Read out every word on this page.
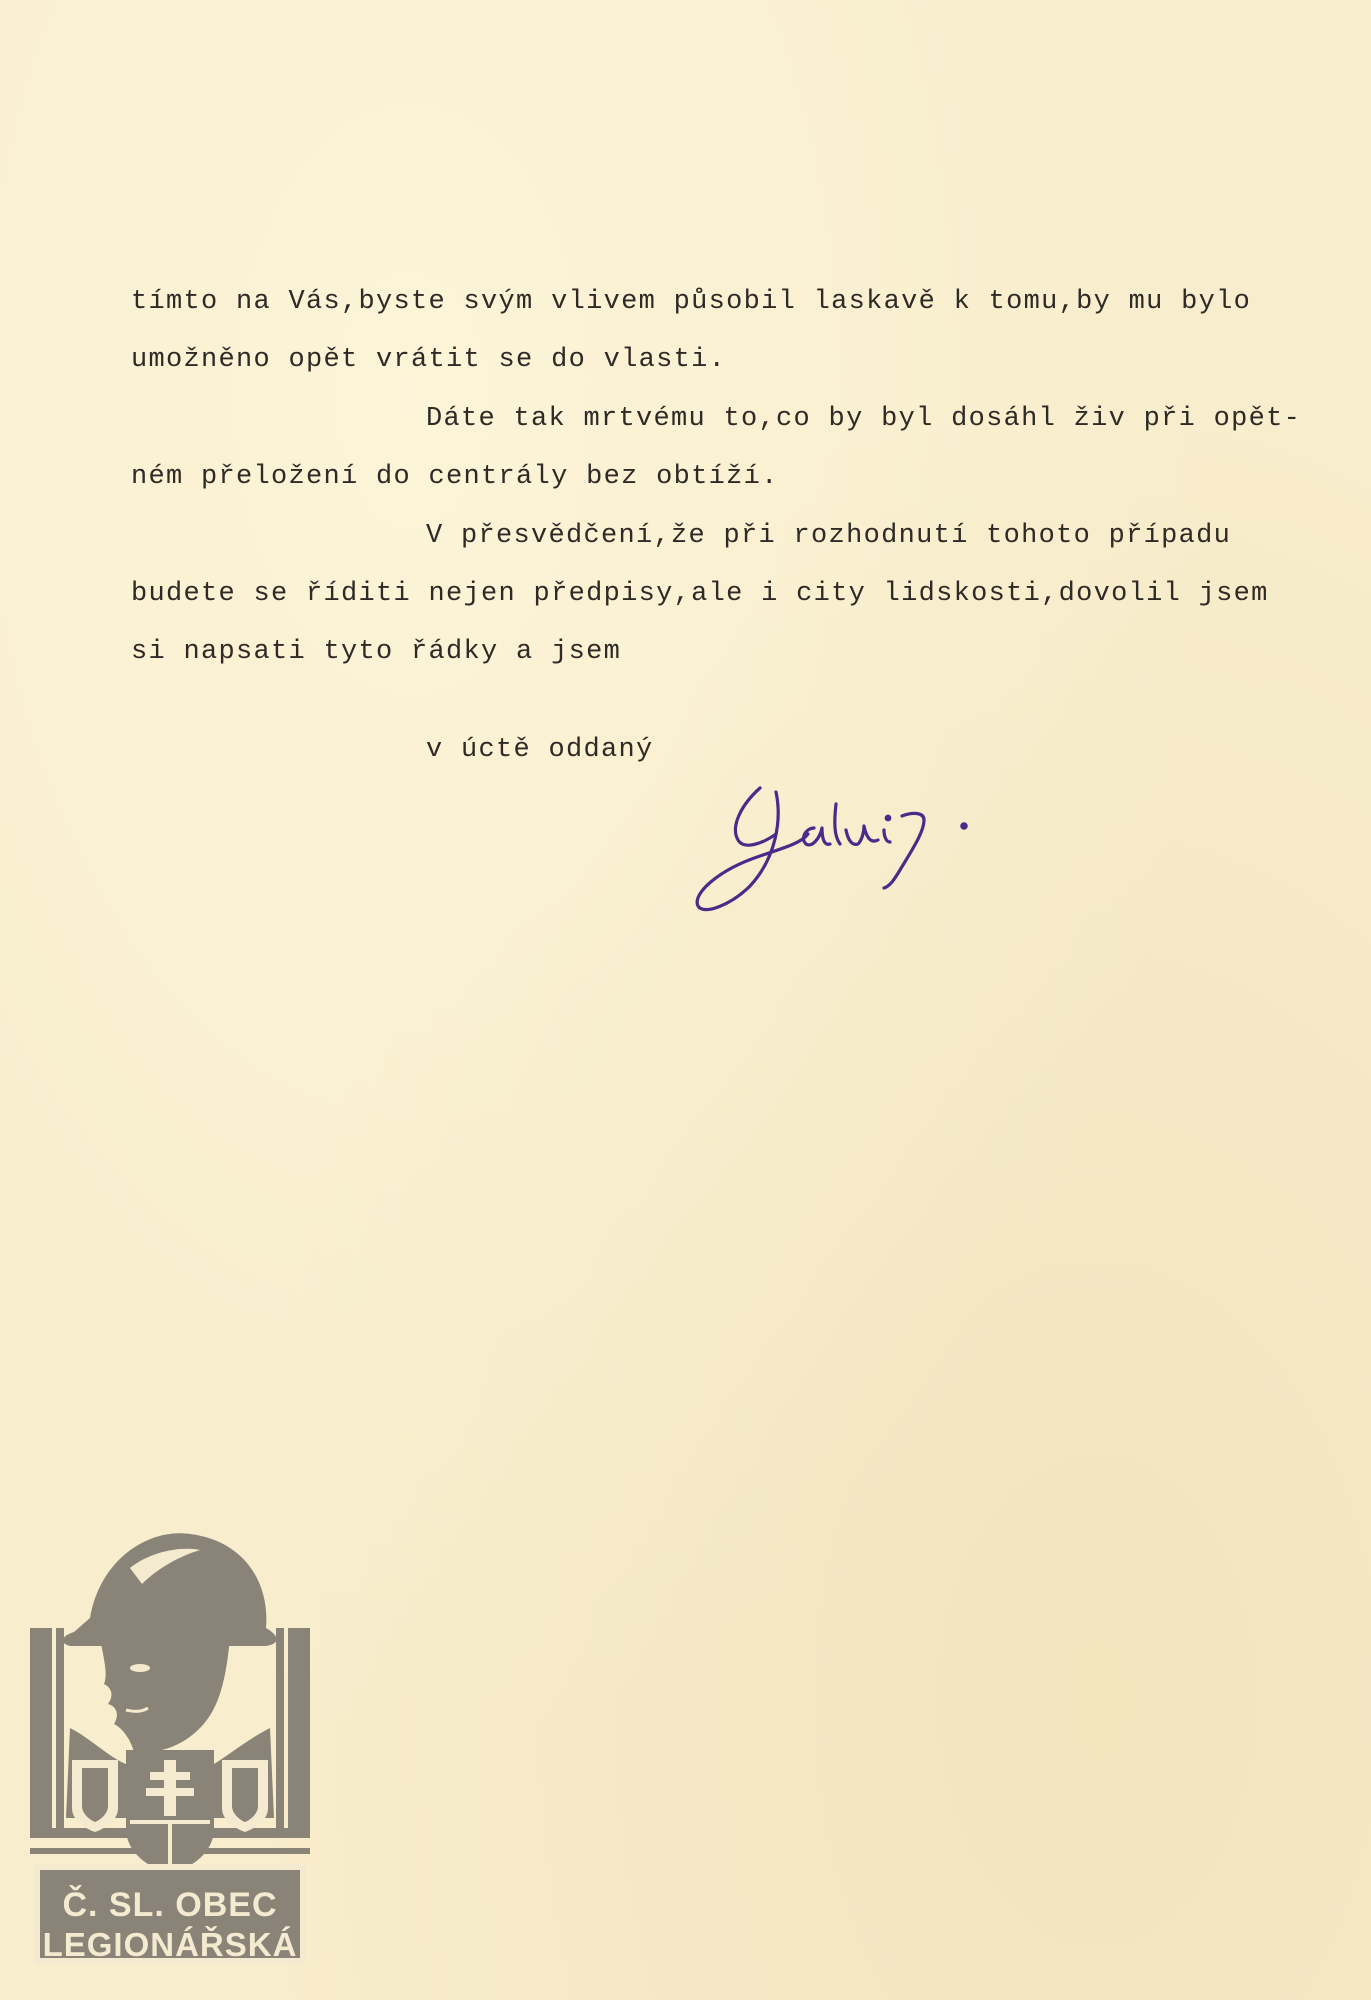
tímto na Vás,byste svým vlivem působil laskavě k tomu,by mu bylo
umožněno opět vrátit se do vlasti.
Dáte tak mrtvému to,co by byl dosáhl živ při opět-
ném přeložení do centrály bez obtíží.
V přesvědčení,že při rozhodnutí tohoto případu
budete se říditi nejen předpisy,ale i city lidskosti,dovolil jsem
si napsati tyto řádky a jsem
v úctě oddaný
Č. SL. OBEC
LEGIONÁŘSKÁ
